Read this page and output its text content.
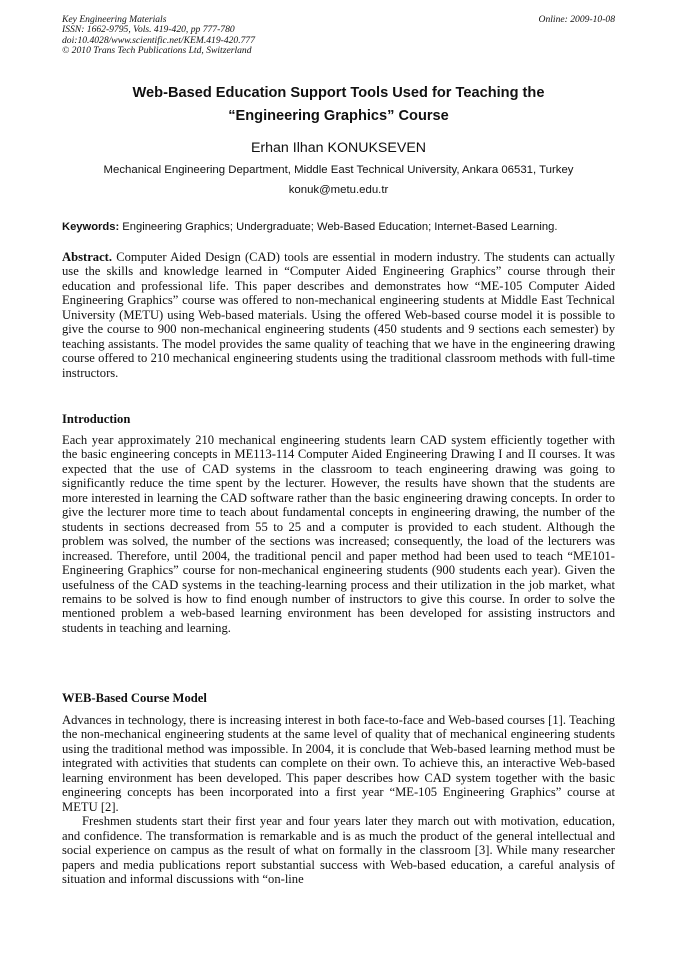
Key Engineering Materials
ISSN: 1662-9795, Vols. 419-420, pp 777-780
doi:10.4028/www.scientific.net/KEM.419-420.777
© 2010 Trans Tech Publications Ltd, Switzerland
Online: 2009-10-08
Web-Based Education Support Tools Used for Teaching the
“Engineering Graphics” Course
Erhan Ilhan KONUKSEVEN
Mechanical Engineering Department, Middle East Technical University, Ankara 06531, Turkey
konuk@metu.edu.tr
Keywords: Engineering Graphics; Undergraduate; Web-Based Education; Internet-Based Learning.

Abstract. Computer Aided Design (CAD) tools are essential in modern industry. The students can actually use the skills and knowledge learned in “Computer Aided Engineering Graphics” course through their education and professional life. This paper describes and demonstrates how “ME-105 Computer Aided Engineering Graphics” course was offered to non-mechanical engineering students at Middle East Technical University (METU) using Web-based materials. Using the offered Web-based course model it is possible to give the course to 900 non-mechanical engineering students (450 students and 9 sections each semester) by teaching assistants. The model provides the same quality of teaching that we have in the engineering drawing course offered to 210 mechanical engineering students using the traditional classroom methods with full-time instructors.

Introduction

Each year approximately 210 mechanical engineering students learn CAD system efficiently together with the basic engineering concepts in ME113-114 Computer Aided Engineering Drawing I and II courses. It was expected that the use of CAD systems in the classroom to teach engineering drawing was going to significantly reduce the time spent by the lecturer. However, the results have shown that the students are more interested in learning the CAD software rather than the basic engineering drawing concepts. In order to give the lecturer more time to teach about fundamental concepts in engineering drawing, the number of the students in sections decreased from 55 to 25 and a computer is provided to each student. Although the problem was solved, the number of the sections was increased; consequently, the load of the lecturers was increased. Therefore, until 2004, the traditional pencil and paper method had been used to teach “ME101-Engineering Graphics” course for non-mechanical engineering students (900 students each year). Given the usefulness of the CAD systems in the teaching-learning process and their utilization in the job market, what remains to be solved is how to find enough number of instructors to give this course. In order to solve the mentioned problem a web-based learning environment has been developed for assisting instructors and students in teaching and learning.

WEB-Based Course Model

Advances in technology, there is increasing interest in both face-to-face and Web-based courses [1]. Teaching the non-mechanical engineering students at the same level of quality that of mechanical engineering students using the traditional method was impossible. In 2004, it is conclude that Web-based learning method must be integrated with activities that students can complete on their own. To achieve this, an interactive Web-based learning environment has been developed. This paper describes how CAD system together with the basic engineering concepts has been incorporated into a first year “ME-105 Engineering Graphics” course at METU [2].

Freshmen students start their first year and four years later they march out with motivation, education, and confidence. The transformation is remarkable and is as much the product of the general intellectual and social experience on campus as the result of what on formally in the classroom [3]. While many researcher papers and media publications report substantial success with Web-based education, a careful analysis of situation and informal discussions with “on-line
